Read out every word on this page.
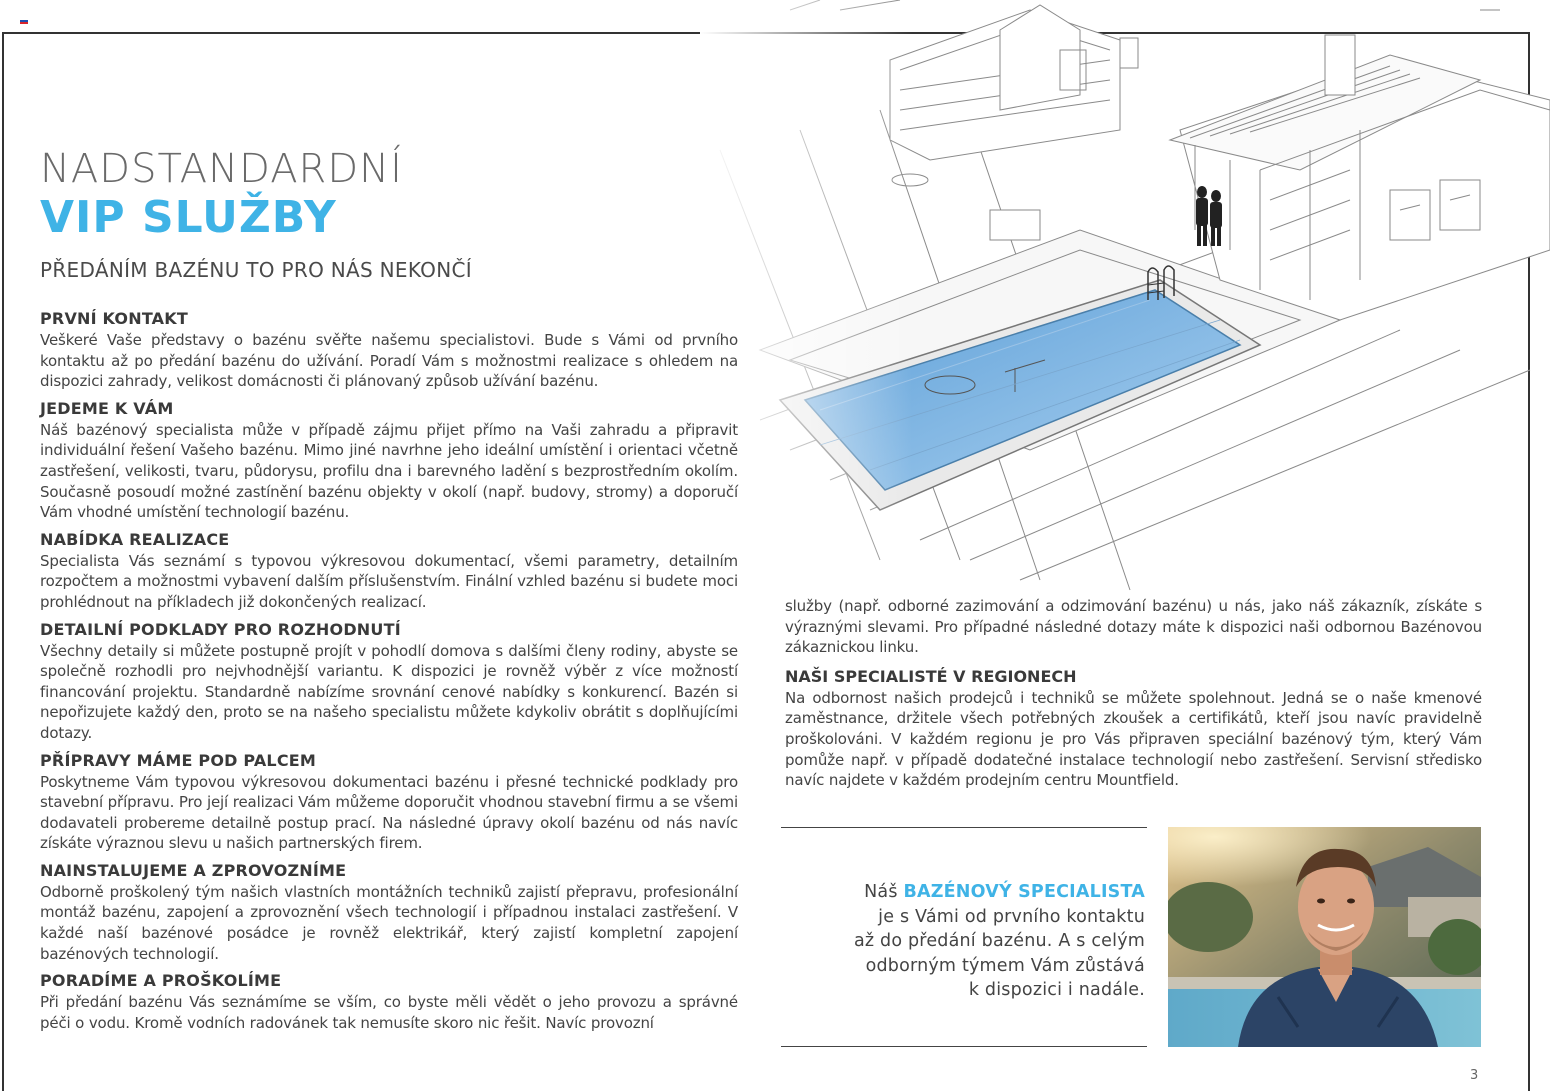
NADSTANDARDNÍ
VIP SLUŽBY
PŘEDÁNÍM BAZÉNU TO PRO NÁS NEKONČÍ
PRVNÍ KONTAKT

Veškeré Vaše představy o bazénu svěřte našemu specialistovi. Bude s Vámi od prvního kontaktu až po předání bazénu do užívání. Poradí Vám s možnostmi realizace s ohledem na dispozici zahrady, velikost domácnosti či plánovaný způsob užívání bazénu.

JEDEME K VÁM

Náš bazénový specialista může v případě zájmu přijet přímo na Vaši zahradu a připravit individuální řešení Vašeho bazénu. Mimo jiné navrhne jeho ideální umístění i orientaci včetně zastřešení, velikosti, tvaru, půdorysu, profilu dna i barevného ladění s bezprostředním okolím. Současně posoudí možné zastínění bazénu objekty v okolí (např. budovy, stromy) a doporučí Vám vhodné umístění technologií bazénu.

NABÍDKA REALIZACE

Specialista Vás seznámí s typovou výkresovou dokumentací, všemi parametry, detailním rozpočtem a možnostmi vybavení dalším příslušenstvím. Finální vzhled bazénu si budete moci prohlédnout na příkladech již dokončených realizací.

DETAILNÍ PODKLADY PRO ROZHODNUTÍ

Všechny detaily si můžete postupně projít v pohodlí domova s dalšími členy rodiny, abyste se společně rozhodli pro nejvhodnější variantu. K dispozici je rovněž výběr z více možností financování projektu. Standardně nabízíme srovnání cenové nabídky s konkurencí. Bazén si nepořizujete každý den, proto se na našeho specialistu můžete kdykoliv obrátit s doplňujícími dotazy.

PŘÍPRAVY MÁME POD PALCEM

Poskytneme Vám typovou výkresovou dokumentaci bazénu i přesné technické podklady pro stavební přípravu. Pro její realizaci Vám můžeme doporučit vhodnou stavební firmu a se všemi dodavateli probereme detailně postup prací. Na následné úpravy okolí bazénu od nás navíc získáte výraznou slevu u našich partnerských firem.

NAINSTALUJEME A ZPROVOZNÍME

Odborně proškolený tým našich vlastních montážních techniků zajistí přepravu, profesionální montáž bazénu, zapojení a zprovoznění všech technologií i případnou instalaci zastřešení. V každé naší bazénové posádce je rovněž elektrikář, který zajistí kompletní zapojení bazénových technologií.

PORADÍME A PROŠKOLÍME

Při předání bazénu Vás seznámíme se vším, co byste měli vědět o jeho provozu a správné péči o vodu. Kromě vodních radovánek tak nemusíte skoro nic řešit. Navíc provozní

služby (např. odborné zazimování a odzimování bazénu) u nás, jako náš zákazník, získáte s výraznými slevami. Pro případné následné dotazy máte k dispozici naši odbornou Bazénovou zákaznickou linku.

NAŠI SPECIALISTÉ V REGIONECH

Na odbornost našich prodejců i techniků se můžete spolehnout. Jedná se o naše kmenové zaměstnance, držitele všech potřebných zkoušek a certifikátů, kteří jsou navíc pravidelně proškolováni. V každém regionu je pro Vás připraven speciální bazénový tým, který Vám pomůže např. v případě dodatečné instalace technologií nebo zastřešení. Servisní středisko navíc najdete v každém prodejním centru Mountfield.

Náš BAZÉNOVÝ SPECIALISTA
je s Vámi od prvního kontaktu
až do předání bazénu. A s celým
odborným týmem Vám zůstává
k dispozici i nadále.
3
